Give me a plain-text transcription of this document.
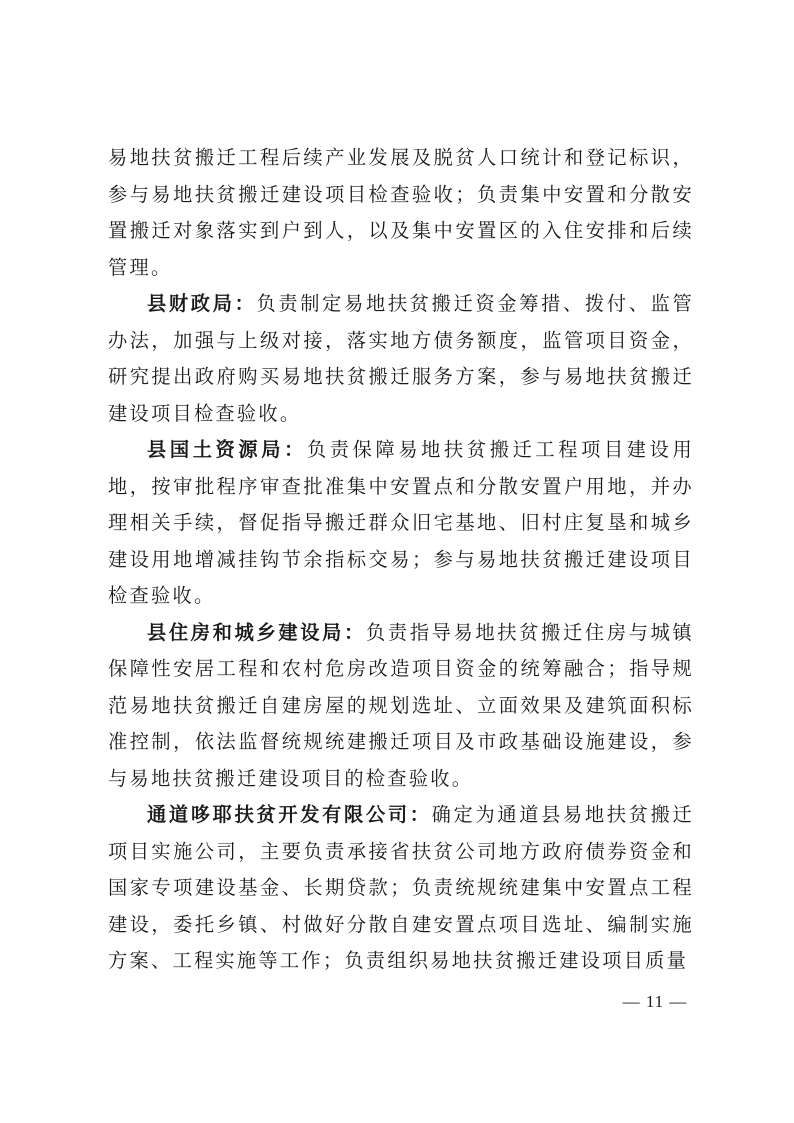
易地扶贫搬迁工程后续产业发展及脱贫人口统计和登记标识，参与易地扶贫搬迁建设项目检查验收；负责集中安置和分散安置搬迁对象落实到户到人，以及集中安置区的入住安排和后续管理。

县财政局：负责制定易地扶贫搬迁资金筹措、拨付、监管办法，加强与上级对接，落实地方债务额度，监管项目资金，研究提出政府购买易地扶贫搬迁服务方案，参与易地扶贫搬迁建设项目检查验收。

县国土资源局：负责保障易地扶贫搬迁工程项目建设用地，按审批程序审查批准集中安置点和分散安置户用地，并办理相关手续，督促指导搬迁群众旧宅基地、旧村庄复垦和城乡建设用地增减挂钩节余指标交易；参与易地扶贫搬迁建设项目检查验收。

县住房和城乡建设局：负责指导易地扶贫搬迁住房与城镇保障性安居工程和农村危房改造项目资金的统筹融合；指导规范易地扶贫搬迁自建房屋的规划选址、立面效果及建筑面积标准控制，依法监督统规统建搬迁项目及市政基础设施建设，参与易地扶贫搬迁建设项目的检查验收。

通道哆耶扶贫开发有限公司：确定为通道县易地扶贫搬迁项目实施公司，主要负责承接省扶贫公司地方政府债券资金和国家专项建设基金、长期贷款；负责统规统建集中安置点工程建设，委托乡镇、村做好分散自建安置点项目选址、编制实施方案、工程实施等工作；负责组织易地扶贫搬迁建设项目质量

— 11 —
